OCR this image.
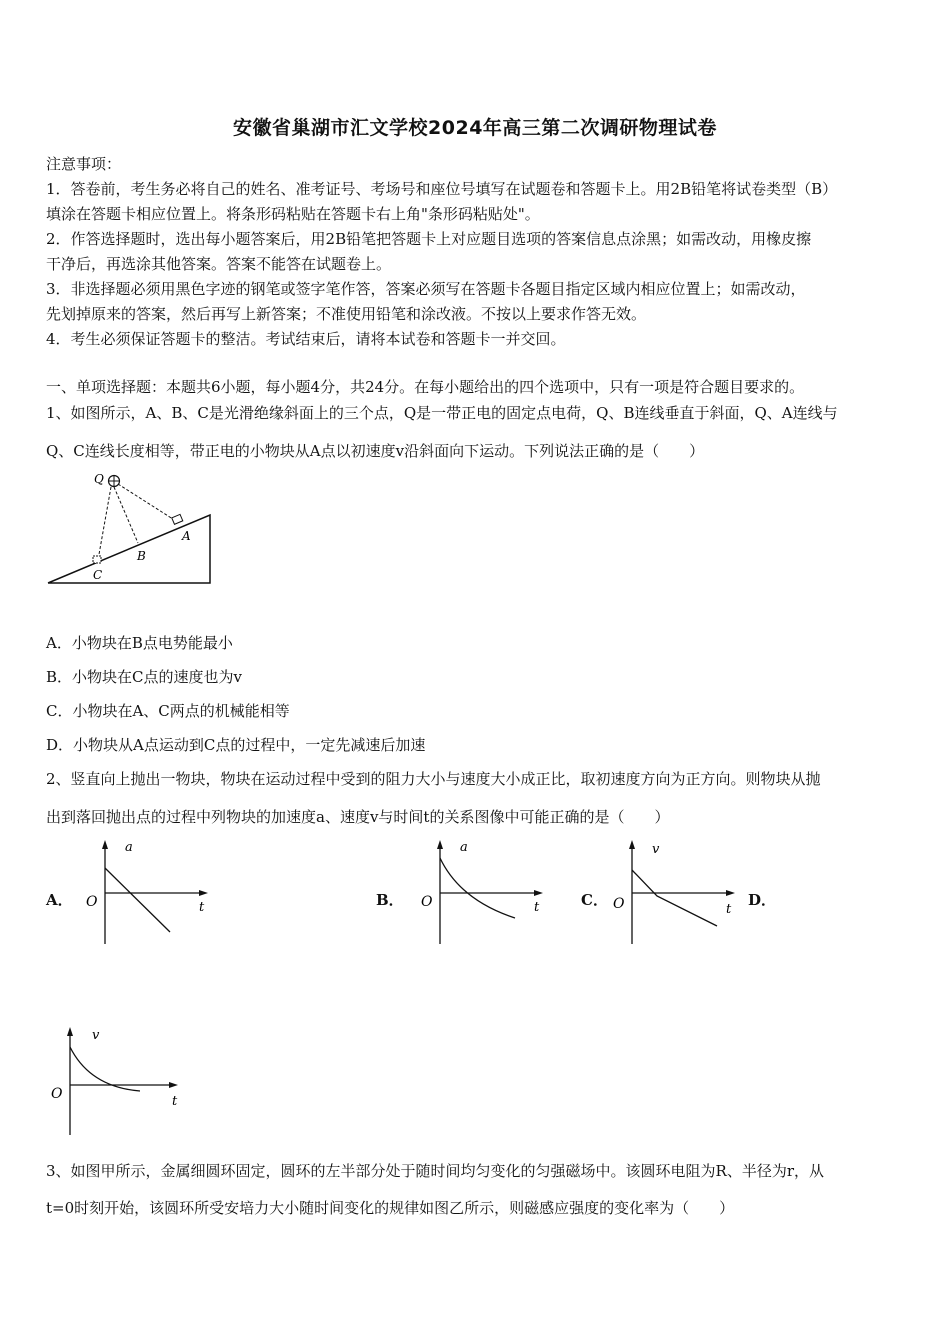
安徽省巢湖市汇文学校2024年高三第二次调研物理试卷
注意事项：
1．答卷前，考生务必将自己的姓名、准考证号、考场号和座位号填写在试题卷和答题卡上。用2B铅笔将试卷类型（B）
填涂在答题卡相应位置上。将条形码粘贴在答题卡右上角"条形码粘贴处"。
2．作答选择题时，选出每小题答案后，用2B铅笔把答题卡上对应题目选项的答案信息点涂黑；如需改动，用橡皮擦
干净后，再选涂其他答案。答案不能答在试题卷上。
3．非选择题必须用黑色字迹的钢笔或签字笔作答，答案必须写在答题卡各题目指定区域内相应位置上；如需改动，
先划掉原来的答案，然后再写上新答案；不准使用铅笔和涂改液。不按以上要求作答无效。
4．考生必须保证答题卡的整洁。考试结束后，请将本试卷和答题卡一并交回。
一、单项选择题：本题共6小题，每小题4分，共24分。在每小题给出的四个选项中，只有一项是符合题目要求的。
1、如图所示，A、B、C是光滑绝缘斜面上的三个点，Q是一带正电的固定点电荷，Q、B连线垂直于斜面，Q、A连线与
Q、C连线长度相等，带正电的小物块从A点以初速度v沿斜面向下运动。下列说法正确的是（　　）
Q
A
B
C
A．小物块在B点电势能最小
B．小物块在C点的速度也为v
C．小物块在A、C两点的机械能相等
D．小物块从A点运动到C点的过程中，一定先减速后加速
2、竖直向上抛出一物块，物块在运动过程中受到的阻力大小与速度大小成正比，取初速度方向为正方向。则物块从抛
出到落回抛出点的过程中列物块的加速度a、速度v与时间t的关系图像中可能正确的是（　　）
A．	B．	C．	D．
a
O	t
a
O	t
v
O	t
v
O	t
3、如图甲所示，金属细圆环固定，圆环的左半部分处于随时间均匀变化的匀强磁场中。该圆环电阻为R、半径为r，从
t=0时刻开始，该圆环所受安培力大小随时间变化的规律如图乙所示，则磁感应强度的变化率为（　　）
